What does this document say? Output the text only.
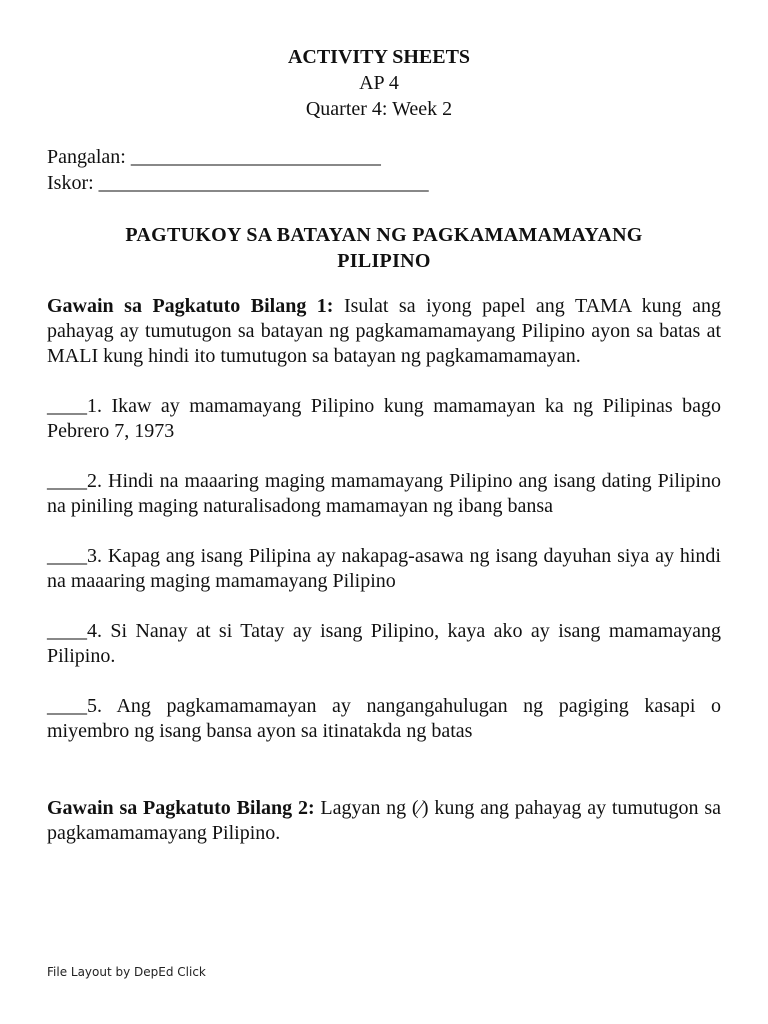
ACTIVITY SHEETS
AP 4
Quarter 4: Week 2
Pangalan: _________________________
Iskor: _________________________________
PAGTUKOY SA BATAYAN NG PAGKAMAMAMAYANG
PILIPINO

Gawain sa Pagkatuto Bilang 1: Isulat sa iyong papel ang TAMA kung ang pahayag ay tumutugon sa batayan ng pagkamamamayang Pilipino ayon sa batas at MALI kung hindi ito tumutugon sa batayan ng pagkamamamayan.

____1. Ikaw ay mamamayang Pilipino kung mamamayan ka ng Pilipinas bago Pebrero 7, 1973

____2. Hindi na maaaring maging mamamayang Pilipino ang isang dating Pilipino na piniling maging naturalisadong mamamayan ng ibang bansa

____3. Kapag ang isang Pilipina ay nakapag-asawa ng isang dayuhan siya ay hindi na maaaring maging mamamayang Pilipino

____4. Si Nanay at si Tatay ay isang Pilipino, kaya ako ay isang mamamayang Pilipino.

____5. Ang pagkamamamayan ay nangangahulugan ng pagiging kasapi o miyembro ng isang bansa ayon sa itinatakda ng batas

Gawain sa Pagkatuto Bilang 2: Lagyan ng (∕) kung ang pahayag ay tumutugon sa pagkamamamayang Pilipino.

File Layout by DepEd Click
